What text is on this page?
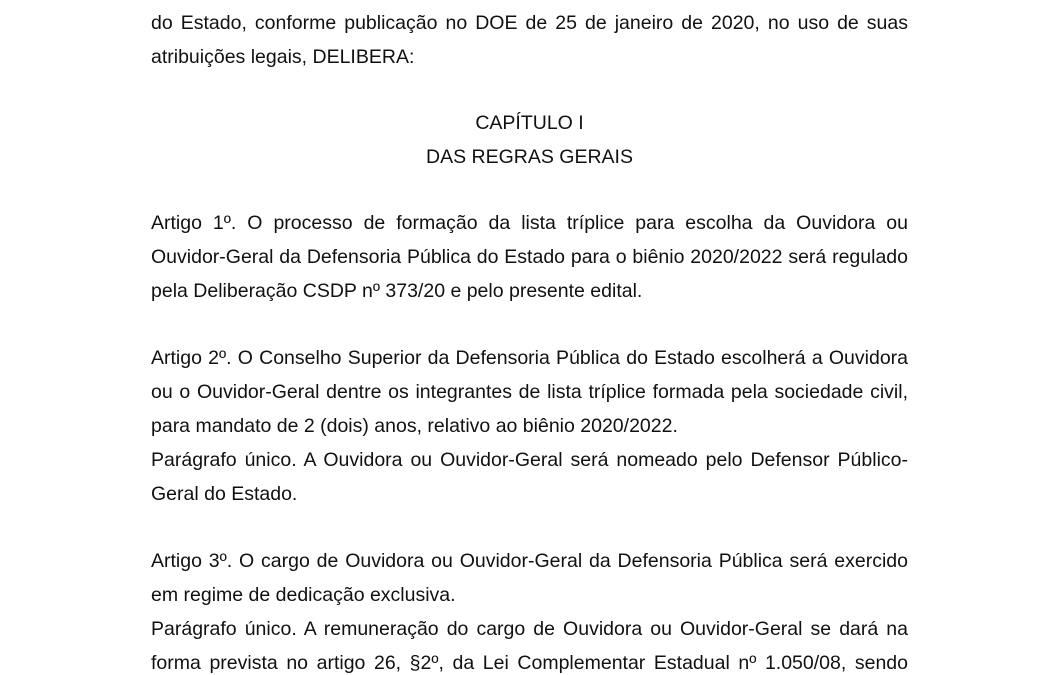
do Estado, conforme publicação no DOE de 25 de janeiro de 2020, no uso de suas
atribuições legais, DELIBERA:

CAPÍTULO I

DAS REGRAS GERAIS

Artigo 1º. O processo de formação da lista tríplice para escolha da Ouvidora ou
Ouvidor-Geral da Defensoria Pública do Estado para o biênio 2020/2022 será regulado
pela Deliberação CSDP nº 373/20 e pelo presente edital.
Artigo 2º. O Conselho Superior da Defensoria Pública do Estado escolherá a Ouvidora
ou o Ouvidor-Geral dentre os integrantes de lista tríplice formada pela sociedade civil,
para mandato de 2 (dois) anos, relativo ao biênio 2020/2022.
Parágrafo único. A Ouvidora ou Ouvidor-Geral será nomeado pelo Defensor Público-
Geral do Estado.
Artigo 3º. O cargo de Ouvidora ou Ouvidor-Geral da Defensoria Pública será exercido
em regime de dedicação exclusiva.
Parágrafo único. A remuneração do cargo de Ouvidora ou Ouvidor-Geral se dará na
forma prevista no artigo 26, §2º, da Lei Complementar Estadual nº 1.050/08, sendo
